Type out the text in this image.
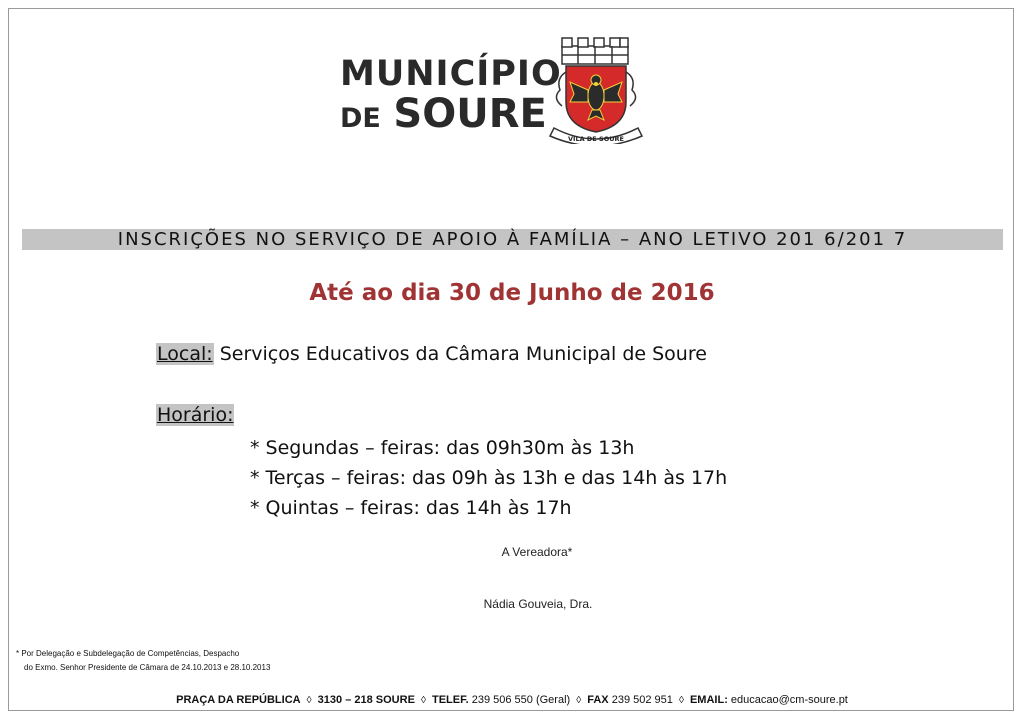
MUNICÍPIO
DE SOURE
VILA DE SOURE
INSCRIÇÕES NO SERVIÇO DE APOIO À FAMÍLIA – ANO LETIVO 201 6/201 7
Até ao dia 30 de Junho de 2016
Local: Serviços Educativos da Câmara Municipal de Soure
Horário:
* Segundas – feiras: das 09h30m às 13h
* Terças – feiras: das 09h às 13h e das 14h às 17h
* Quintas – feiras: das 14h às 17h
A Vereadora*
Nádia Gouveia, Dra.
* Por Delegação e Subdelegação de Competências, Despacho
do Exmo. Senhor Presidente de Câmara de 24.10.2013 e 28.10.2013
PRAÇA DA REPÚBLICA ◊ 3130 – 218 SOURE ◊ TELEF. 239 506 550 (Geral) ◊ FAX 239 502 951 ◊ EMAIL: educacao@cm-soure.pt
